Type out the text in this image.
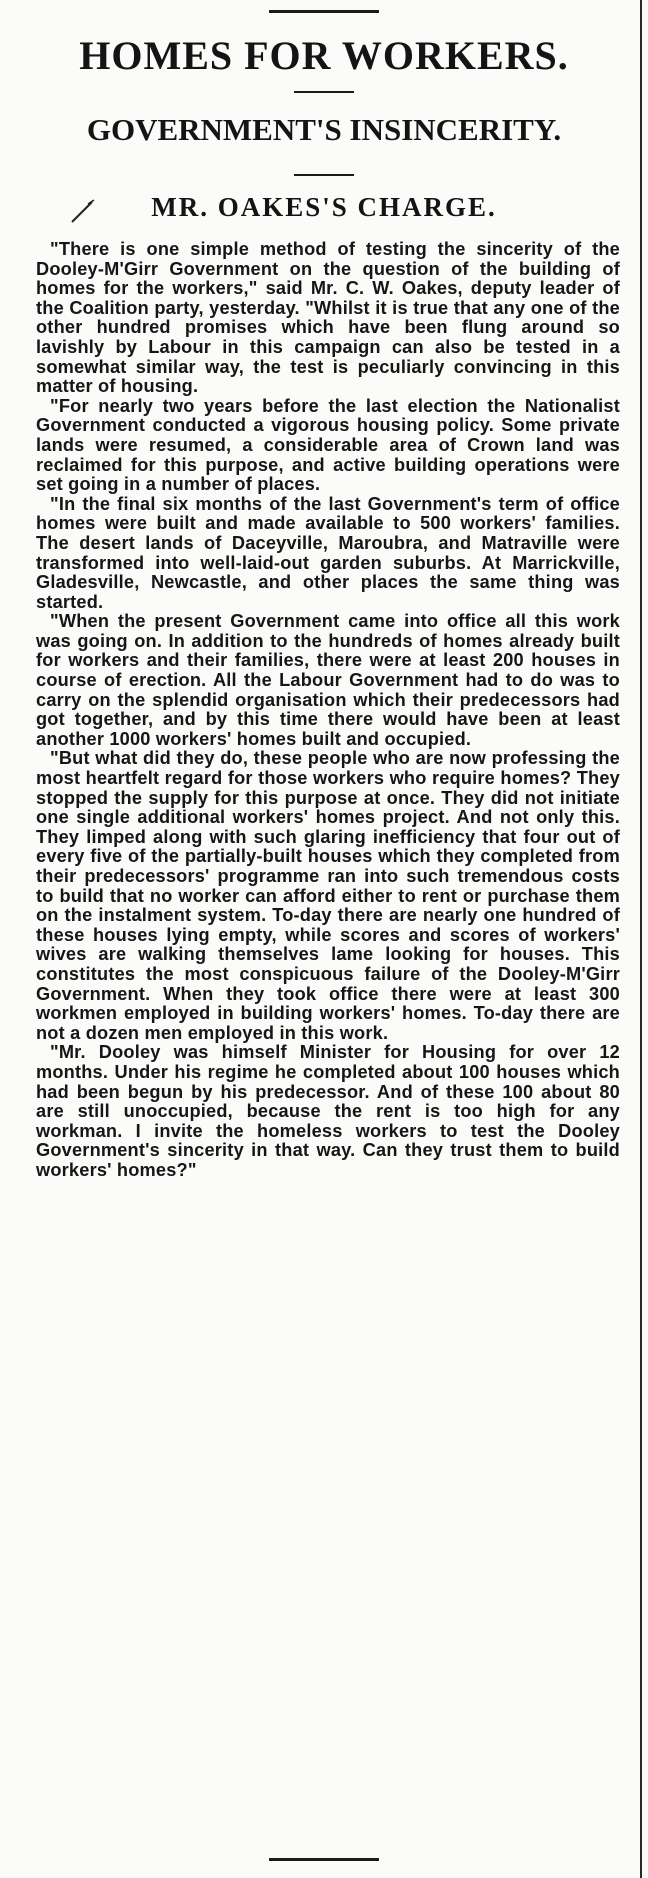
HOMES FOR WORKERS.
GOVERNMENT'S INSINCERITY.
MR. OAKES'S CHARGE.

"There is one simple method of testing the sincerity of the Dooley-M'Girr Government on the question of the building of homes for the workers," said Mr. C. W. Oakes, deputy leader of the Coalition party, yesterday. "Whilst it is true that any one of the other hundred promises which have been flung around so lavishly by Labour in this campaign can also be tested in a somewhat similar way, the test is peculiarly convincing in this matter of housing.

"For nearly two years before the last election the Nationalist Government conducted a vigorous housing policy. Some private lands were resumed, a considerable area of Crown land was reclaimed for this purpose, and active building operations were set going in a number of places.

"In the final six months of the last Government's term of office homes were built and made available to 500 workers' families. The desert lands of Daceyville, Maroubra, and Matraville were transformed into well-laid-out garden suburbs. At Marrickville, Gladesville, Newcastle, and other places the same thing was started.

"When the present Government came into office all this work was going on. In addition to the hundreds of homes already built for workers and their families, there were at least 200 houses in course of erection. All the Labour Government had to do was to carry on the splendid organisation which their predecessors had got together, and by this time there would have been at least another 1000 workers' homes built and occupied.

"But what did they do, these people who are now professing the most heartfelt regard for those workers who require homes? They stopped the supply for this purpose at once. They did not initiate one single additional workers' homes project. And not only this. They limped along with such glaring inefficiency that four out of every five of the partially-built houses which they completed from their predecessors' programme ran into such tremendous costs to build that no worker can afford either to rent or purchase them on the instalment system. To-day there are nearly one hundred of these houses lying empty, while scores and scores of workers' wives are walking themselves lame looking for houses. This constitutes the most conspicuous failure of the Dooley-M'Girr Government. When they took office there were at least 300 workmen employed in building workers' homes. To-day there are not a dozen men employed in this work.

"Mr. Dooley was himself Minister for Housing for over 12 months. Under his regime he completed about 100 houses which had been begun by his predecessor. And of these 100 about 80 are still unoccupied, because the rent is too high for any workman. I invite the homeless workers to test the Dooley Government's sincerity in that way. Can they trust them to build workers' homes?"
